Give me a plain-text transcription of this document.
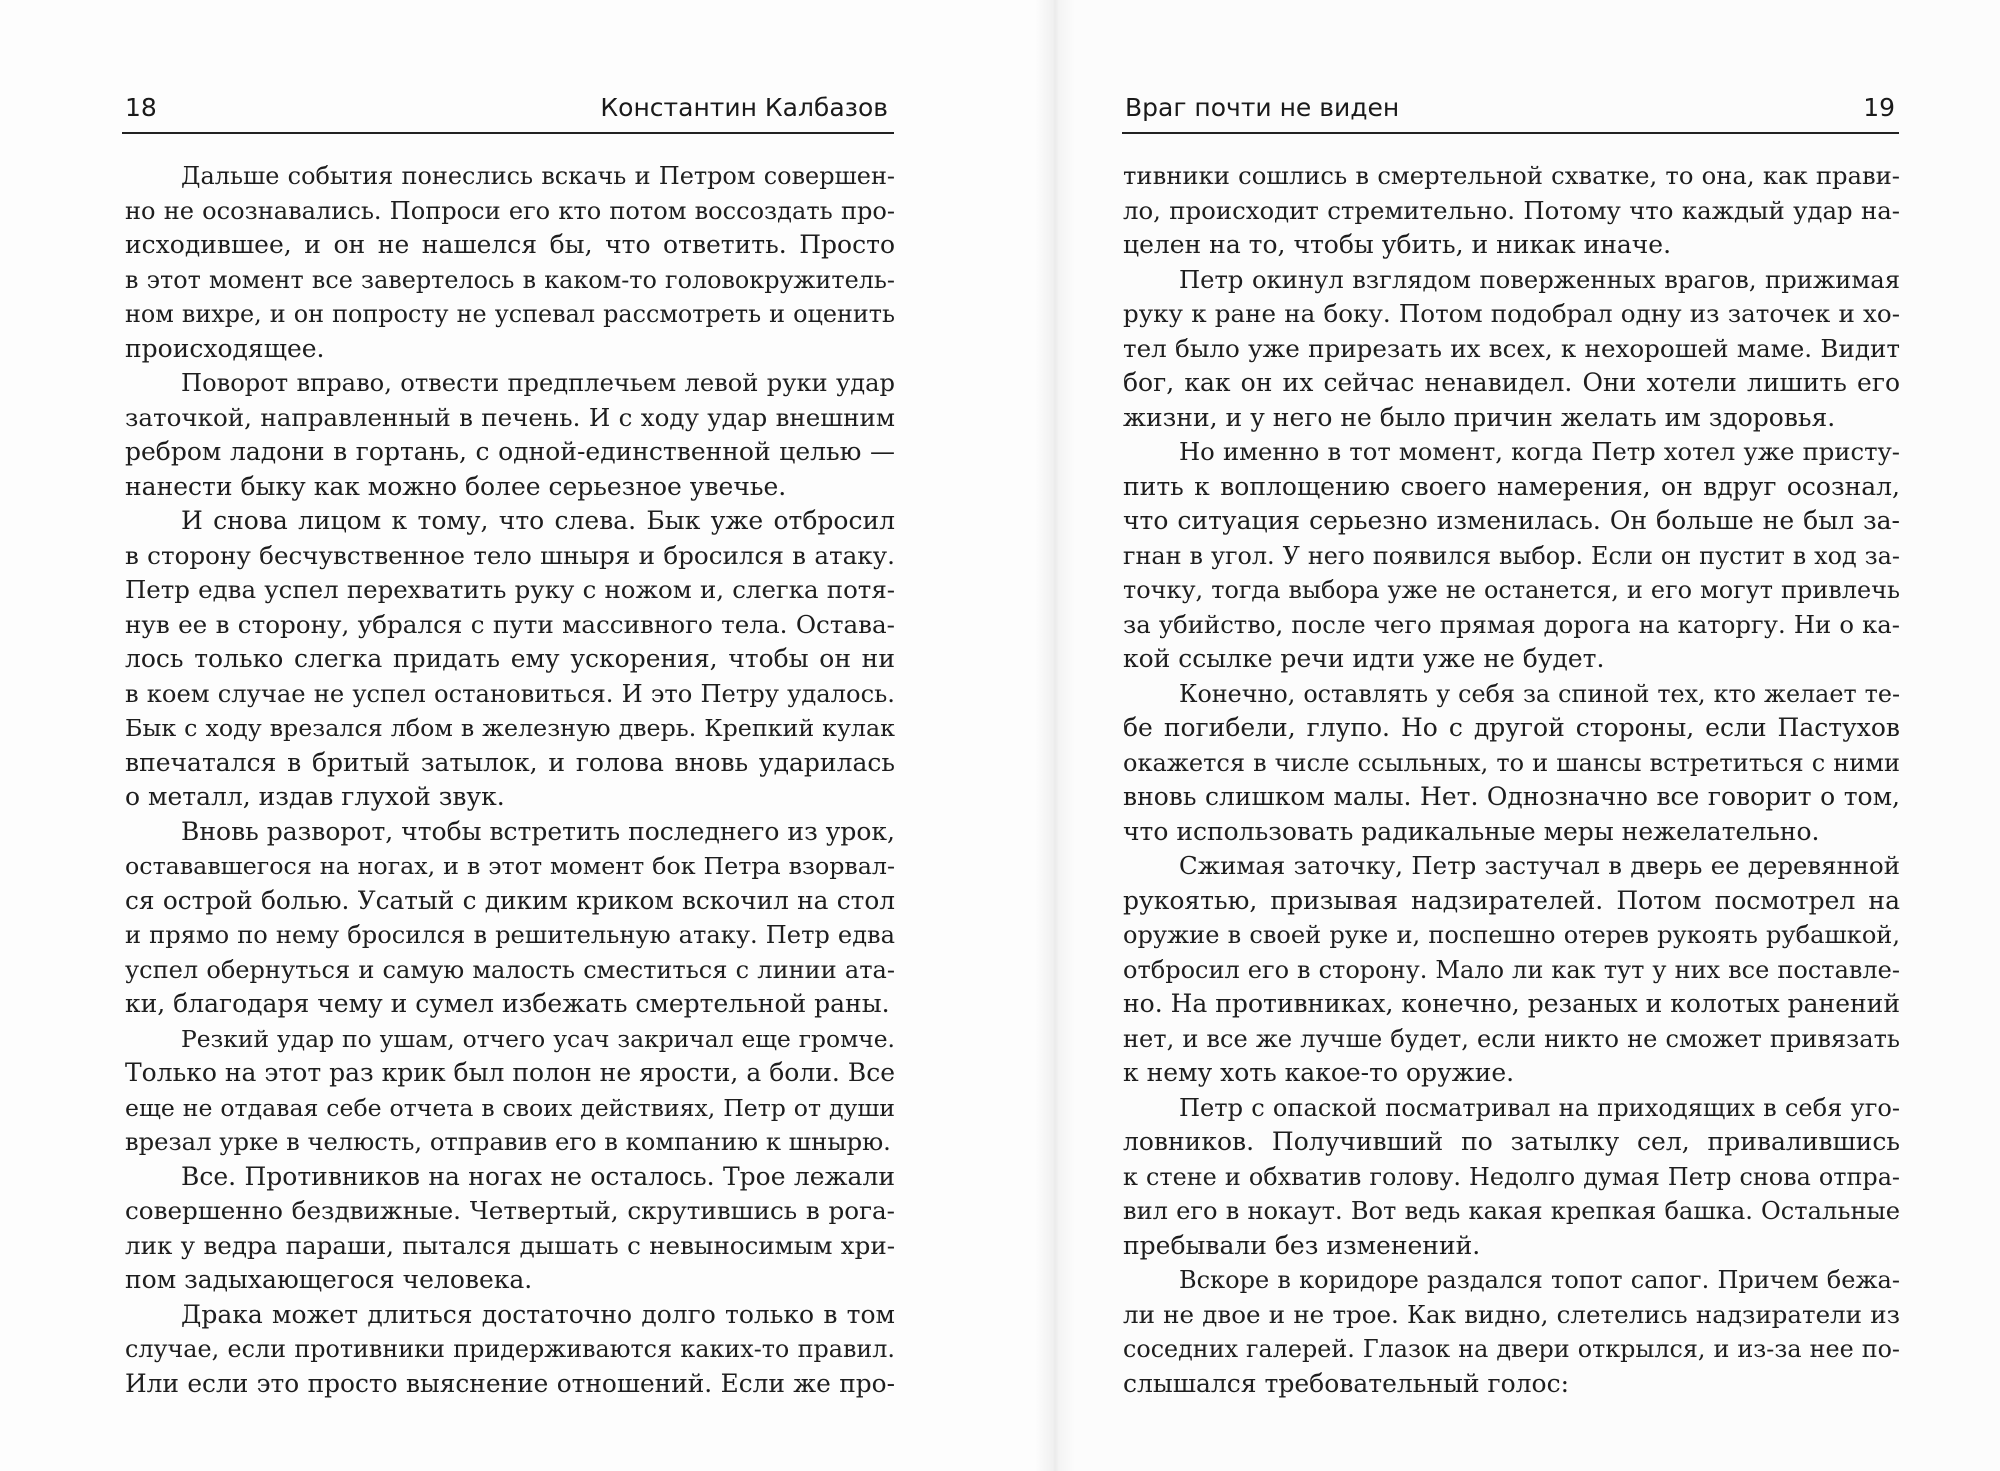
18	Константин Калбазов
Дальше события понеслись вскачь и Петром совершен-
но не осознавались. Попроси его кто потом воссоздать про-
исходившее, и он не нашелся бы, что ответить. Просто
в этот момент все завертелось в каком-то головокружитель-
ном вихре, и он попросту не успевал рассмотреть и оценить
происходящее.
Поворот вправо, отвести предплечьем левой руки удар
заточкой, направленный в печень. И с ходу удар внешним
ребром ладони в гортань, с одной-единственной целью —
нанести быку как можно более серьезное увечье.
И снова лицом к тому, что слева. Бык уже отбросил
в сторону бесчувственное тело шныря и бросился в атаку.
Петр едва успел перехватить руку с ножом и, слегка потя-
нув ее в сторону, убрался с пути массивного тела. Остава-
лось только слегка придать ему ускорения, чтобы он ни
в коем случае не успел остановиться. И это Петру удалось.
Бык с ходу врезался лбом в железную дверь. Крепкий кулак
впечатался в бритый затылок, и голова вновь ударилась
о металл, издав глухой звук.
Вновь разворот, чтобы встретить последнего из урок,
остававшегося на ногах, и в этот момент бок Петра взорвал-
ся острой болью. Усатый с диким криком вскочил на стол
и прямо по нему бросился в решительную атаку. Петр едва
успел обернуться и самую малость сместиться с линии ата-
ки, благодаря чему и сумел избежать смертельной раны.
Резкий удар по ушам, отчего усач закричал еще громче.
Только на этот раз крик был полон не ярости, а боли. Все
еще не отдавая себе отчета в своих действиях, Петр от души
врезал урке в челюсть, отправив его в компанию к шнырю.
Все. Противников на ногах не осталось. Трое лежали
совершенно бездвижные. Четвертый, скрутившись в рога-
лик у ведра параши, пытался дышать с невыносимым хри-
пом задыхающегося человека.
Драка может длиться достаточно долго только в том
случае, если противники придерживаются каких-то правил.
Или если это просто выяснение отношений. Если же про-
Враг почти не виден	19
тивники сошлись в смертельной схватке, то она, как прави-
ло, происходит стремительно. Потому что каждый удар на-
целен на то, чтобы убить, и никак иначе.
Петр окинул взглядом поверженных врагов, прижимая
руку к ране на боку. Потом подобрал одну из заточек и хо-
тел было уже прирезать их всех, к нехорошей маме. Видит
бог, как он их сейчас ненавидел. Они хотели лишить его
жизни, и у него не было причин желать им здоровья.
Но именно в тот момент, когда Петр хотел уже присту-
пить к воплощению своего намерения, он вдруг осознал,
что ситуация серьезно изменилась. Он больше не был за-
гнан в угол. У него появился выбор. Если он пустит в ход за-
точку, тогда выбора уже не останется, и его могут привлечь
за убийство, после чего прямая дорога на каторгу. Ни о ка-
кой ссылке речи идти уже не будет.
Конечно, оставлять у себя за спиной тех, кто желает те-
бе погибели, глупо. Но с другой стороны, если Пастухов
окажется в числе ссыльных, то и шансы встретиться с ними
вновь слишком малы. Нет. Однозначно все говорит о том,
что использовать радикальные меры нежелательно.
Сжимая заточку, Петр застучал в дверь ее деревянной
рукоятью, призывая надзирателей. Потом посмотрел на
оружие в своей руке и, поспешно отерев рукоять рубашкой,
отбросил его в сторону. Мало ли как тут у них все поставле-
но. На противниках, конечно, резаных и колотых ранений
нет, и все же лучше будет, если никто не сможет привязать
к нему хоть какое-то оружие.
Петр с опаской посматривал на приходящих в себя уго-
ловников. Получивший по затылку сел, привалившись
к стене и обхватив голову. Недолго думая Петр снова отпра-
вил его в нокаут. Вот ведь какая крепкая башка. Остальные
пребывали без изменений.
Вскоре в коридоре раздался топот сапог. Причем бежа-
ли не двое и не трое. Как видно, слетелись надзиратели из
соседних галерей. Глазок на двери открылся, и из-за нее по-
слышался требовательный голос:
